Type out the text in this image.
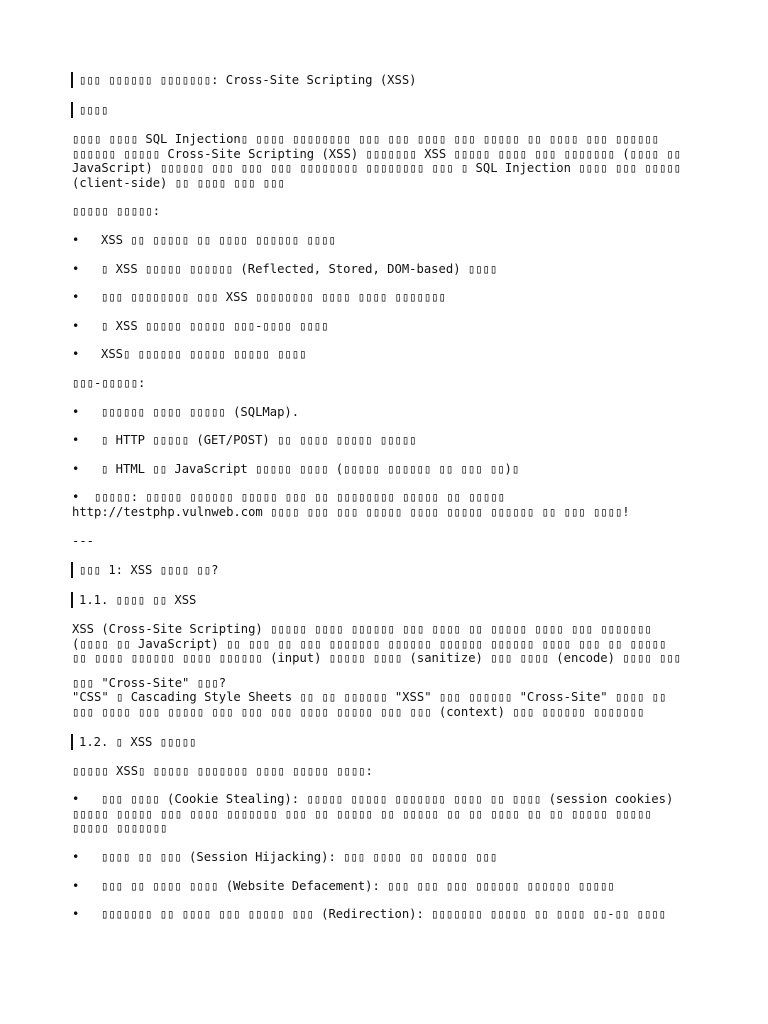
▯▯▯ ▯▯▯▯▯▯ ▯▯▯▯▯▯▯: Cross-Site Scripting (XSS)
▯▯▯▯
▯▯▯▯ ▯▯▯▯ SQL Injection▯ ▯▯▯▯ ▯▯▯▯▯▯▯▯ ▯▯▯ ▯▯▯ ▯▯▯▯ ▯▯▯ ▯▯▯▯▯ ▯▯ ▯▯▯▯ ▯▯▯ ▯▯▯▯▯▯
▯▯▯▯▯▯ ▯▯▯▯▯ Cross-Site Scripting (XSS) ▯▯▯▯▯▯▯ XSS ▯▯▯▯▯ ▯▯▯▯ ▯▯▯ ▯▯▯▯▯▯▯ (▯▯▯▯ ▯▯
JavaScript) ▯▯▯▯▯▯ ▯▯▯ ▯▯▯ ▯▯▯ ▯▯▯▯▯▯▯▯ ▯▯▯▯▯▯▯▯ ▯▯▯ ▯ SQL Injection ▯▯▯▯ ▯▯▯ ▯▯▯▯▯
(client-side) ▯▯ ▯▯▯▯ ▯▯▯ ▯▯▯
▯▯▯▯▯ ▯▯▯▯▯:
• XSS ▯▯ ▯▯▯▯▯ ▯▯ ▯▯▯▯ ▯▯▯▯▯▯ ▯▯▯▯
• ▯ XSS ▯▯▯▯▯ ▯▯▯▯▯▯ (Reflected, Stored, DOM-based) ▯▯▯▯
• ▯▯▯ ▯▯▯▯▯▯▯▯ ▯▯▯ XSS ▯▯▯▯▯▯▯▯ ▯▯▯▯ ▯▯▯▯ ▯▯▯▯▯▯▯
• ▯ XSS ▯▯▯▯▯ ▯▯▯▯▯ ▯▯▯-▯▯▯▯ ▯▯▯▯
• XSS▯ ▯▯▯▯▯▯ ▯▯▯▯▯ ▯▯▯▯▯ ▯▯▯▯
▯▯▯-▯▯▯▯▯:
• ▯▯▯▯▯▯ ▯▯▯▯ ▯▯▯▯▯ (SQLMap).
• ▯ HTTP ▯▯▯▯▯ (GET/POST) ▯▯ ▯▯▯▯ ▯▯▯▯▯ ▯▯▯▯▯
• ▯ HTML ▯▯ JavaScript ▯▯▯▯▯ ▯▯▯▯ (▯▯▯▯▯ ▯▯▯▯▯▯ ▯▯ ▯▯▯ ▯▯)▯
•  ▯▯▯▯▯: ▯▯▯▯▯ ▯▯▯▯▯▯ ▯▯▯▯▯ ▯▯▯ ▯▯ ▯▯▯▯▯▯▯▯ ▯▯▯▯▯ ▯▯ ▯▯▯▯▯
http://testphp.vulnweb.com ▯▯▯▯ ▯▯▯ ▯▯▯ ▯▯▯▯▯ ▯▯▯▯ ▯▯▯▯▯ ▯▯▯▯▯▯ ▯▯ ▯▯▯ ▯▯▯▯!
---
▯▯▯ 1: XSS ▯▯▯▯ ▯▯?
1.1. ▯▯▯▯ ▯▯ XSS
XSS (Cross-Site Scripting) ▯▯▯▯▯ ▯▯▯▯ ▯▯▯▯▯▯ ▯▯▯ ▯▯▯▯ ▯▯ ▯▯▯▯▯ ▯▯▯▯ ▯▯▯ ▯▯▯▯▯▯▯
(▯▯▯▯ ▯▯ JavaScript) ▯▯ ▯▯▯ ▯▯ ▯▯▯ ▯▯▯▯▯▯▯ ▯▯▯▯▯▯ ▯▯▯▯▯▯ ▯▯▯▯▯▯ ▯▯▯▯ ▯▯▯ ▯▯ ▯▯▯▯▯
▯▯ ▯▯▯▯ ▯▯▯▯▯▯ ▯▯▯▯ ▯▯▯▯▯▯ (input) ▯▯▯▯▯ ▯▯▯▯ (sanitize) ▯▯▯ ▯▯▯▯ (encode) ▯▯▯▯ ▯▯▯
▯▯▯ "Cross-Site" ▯▯▯?
"CSS" ▯ Cascading Style Sheets ▯▯ ▯▯ ▯▯▯▯▯▯ "XSS" ▯▯▯ ▯▯▯▯▯▯ "Cross-Site" ▯▯▯▯ ▯▯
▯▯▯ ▯▯▯▯ ▯▯▯ ▯▯▯▯▯ ▯▯▯ ▯▯▯ ▯▯▯ ▯▯▯▯ ▯▯▯▯▯ ▯▯▯ ▯▯▯ (context) ▯▯▯ ▯▯▯▯▯▯ ▯▯▯▯▯▯▯
1.2. ▯ XSS ▯▯▯▯▯
▯▯▯▯▯ XSS▯ ▯▯▯▯▯ ▯▯▯▯▯▯▯ ▯▯▯▯ ▯▯▯▯▯ ▯▯▯▯:
• ▯▯▯ ▯▯▯▯ (Cookie Stealing): ▯▯▯▯▯ ▯▯▯▯▯ ▯▯▯▯▯▯▯ ▯▯▯▯ ▯▯ ▯▯▯▯ (session cookies)
▯▯▯▯▯ ▯▯▯▯▯ ▯▯▯ ▯▯▯▯ ▯▯▯▯▯▯▯ ▯▯▯ ▯▯ ▯▯▯▯▯ ▯▯ ▯▯▯▯▯ ▯▯ ▯▯ ▯▯▯▯ ▯▯ ▯▯ ▯▯▯▯▯ ▯▯▯▯▯
▯▯▯▯▯ ▯▯▯▯▯▯▯
• ▯▯▯▯ ▯▯ ▯▯▯ (Session Hijacking): ▯▯▯ ▯▯▯▯ ▯▯ ▯▯▯▯▯ ▯▯▯
• ▯▯▯ ▯▯ ▯▯▯▯ ▯▯▯▯ (Website Defacement): ▯▯▯ ▯▯▯ ▯▯▯ ▯▯▯▯▯▯ ▯▯▯▯▯▯ ▯▯▯▯▯
• ▯▯▯▯▯▯▯ ▯▯ ▯▯▯▯ ▯▯▯ ▯▯▯▯▯ ▯▯▯ (Redirection): ▯▯▯▯▯▯▯ ▯▯▯▯▯ ▯▯ ▯▯▯▯ ▯▯-▯▯ ▯▯▯▯
